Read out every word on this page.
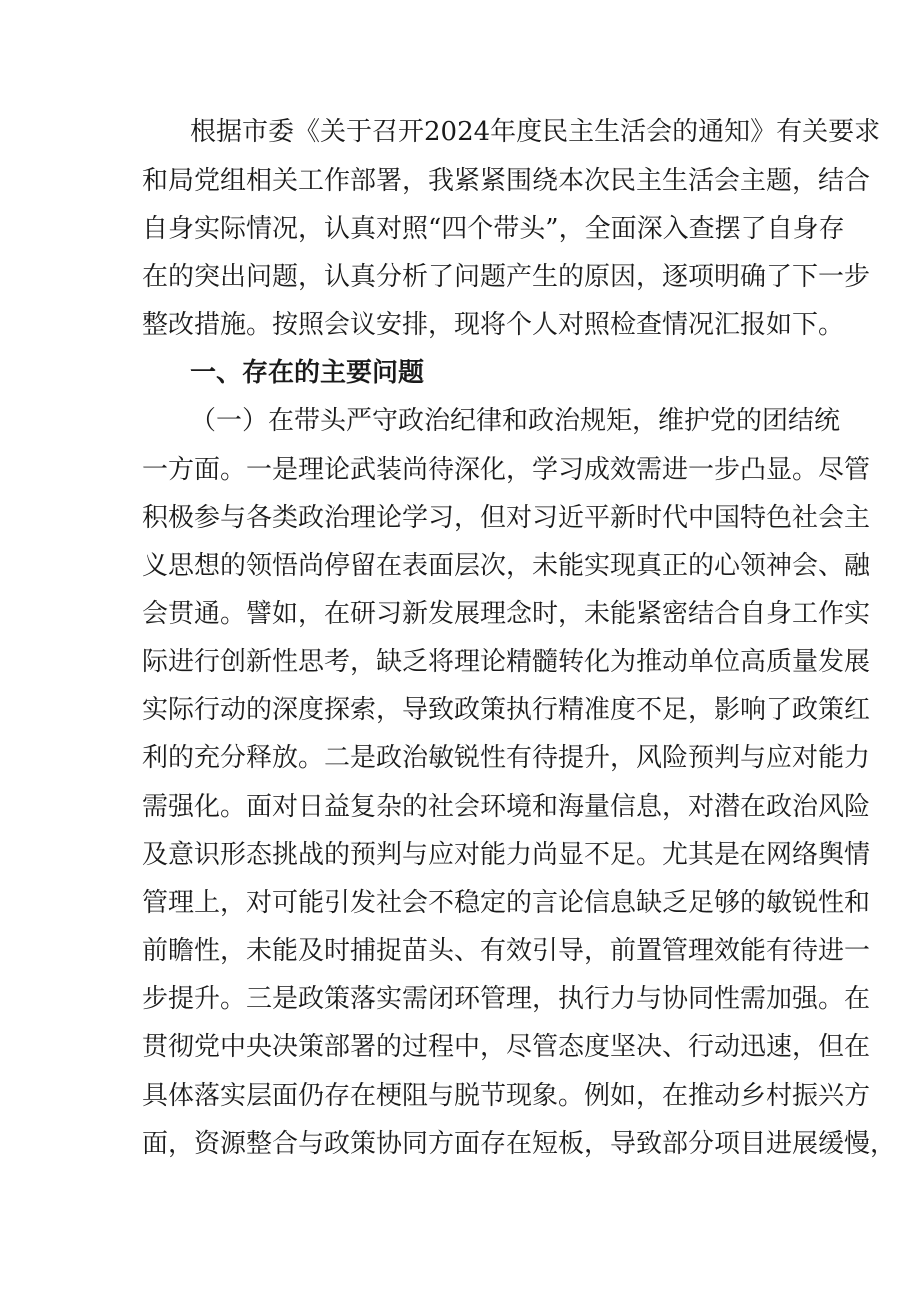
根据市委《关于召开2024年度民主生活会的通知》有关要求
和局党组相关工作部署，我紧紧围绕本次民主生活会主题，结合
自身实际情况，认真对照“四个带头”，全面深入查摆了自身存
在的突出问题，认真分析了问题产生的原因，逐项明确了下一步
整改措施。按照会议安排，现将个人对照检查情况汇报如下。
一、存在的主要问题
（一）在带头严守政治纪律和政治规矩，维护党的团结统
一方面。一是理论武装尚待深化，学习成效需进一步凸显。尽管
积极参与各类政治理论学习，但对习近平新时代中国特色社会主
义思想的领悟尚停留在表面层次，未能实现真正的心领神会、融
会贯通。譬如，在研习新发展理念时，未能紧密结合自身工作实
际进行创新性思考，缺乏将理论精髓转化为推动单位高质量发展
实际行动的深度探索，导致政策执行精准度不足，影响了政策红
利的充分释放。二是政治敏锐性有待提升，风险预判与应对能力
需强化。面对日益复杂的社会环境和海量信息，对潜在政治风险
及意识形态挑战的预判与应对能力尚显不足。尤其是在网络舆情
管理上，对可能引发社会不稳定的言论信息缺乏足够的敏锐性和
前瞻性，未能及时捕捉苗头、有效引导，前置管理效能有待进一
步提升。三是政策落实需闭环管理，执行力与协同性需加强。在
贯彻党中央决策部署的过程中，尽管态度坚决、行动迅速，但在
具体落实层面仍存在梗阻与脱节现象。例如，在推动乡村振兴方
面，资源整合与政策协同方面存在短板，导致部分项目进展缓慢，
